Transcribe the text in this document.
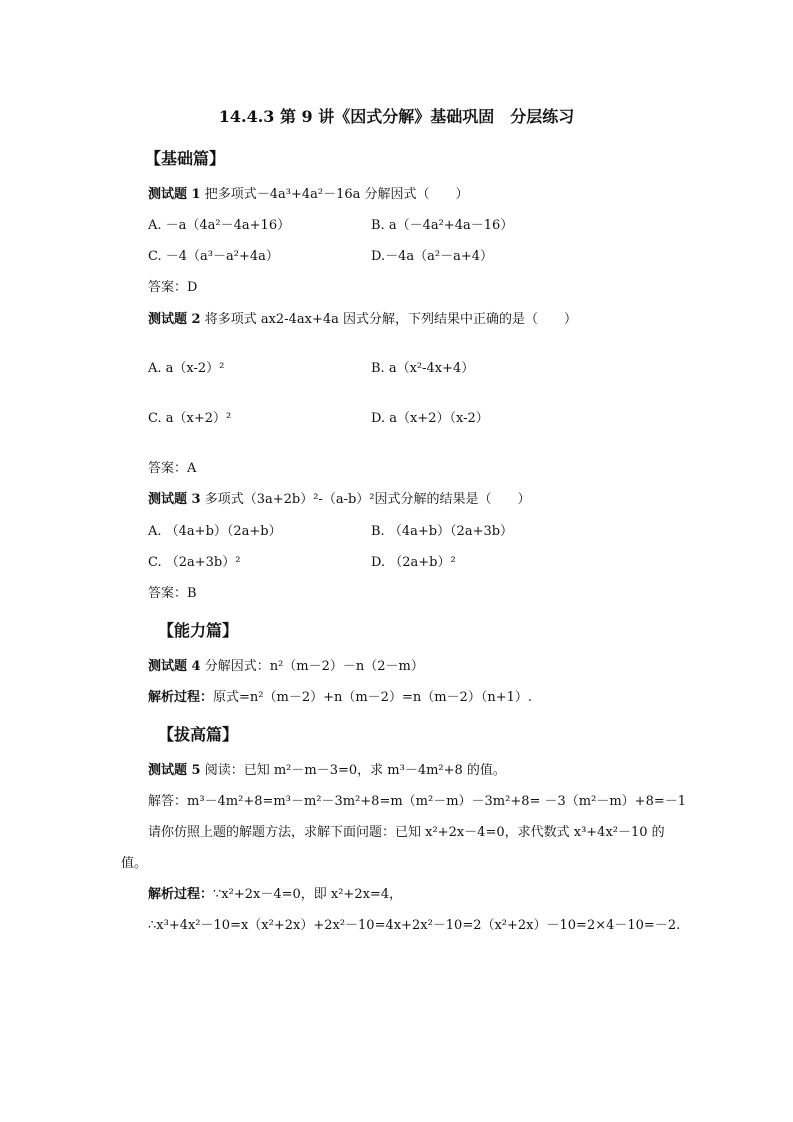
14.4.3 第 9 讲《因式分解》基础巩固　分层练习
【基础篇】
测试题 1 把多项式－4a³+4a²－16a 分解因式（　　）
A. －a（4a²－4a+16）	B. a（－4a²+4a－16）
C. －4（a³－a²+4a）	D.－4a（a²－a+4）
答案：D
测试题 2 将多项式 ax2-4ax+4a 因式分解，下列结果中正确的是（　　）
A. a（x-2）²	B. a（x²-4x+4）
C. a（x+2）²	D. a（x+2）（x-2）
答案：A
测试题 3 多项式（3a+2b）²-（a-b）²因式分解的结果是（　　）
A. （4a+b）（2a+b）	B. （4a+b）（2a+3b）
C. （2a+3b）²	D. （2a+b）²
答案：B
【能力篇】
测试题 4 分解因式：n²（m－2）－n（2－m）
解析过程：原式=n²（m－2）+n（m－2）=n（m－2）（n+1）.
【拔高篇】
测试题 5 阅读：已知 m²－m－3=0，求 m³－4m²+8 的值。
解答：m³－4m²+8=m³－m²－3m²+8=m（m²－m）－3m²+8= －3（m²－m）+8=－1
请你仿照上题的解题方法，求解下面问题：已知 x²+2x－4=0，求代数式 x³+4x²－10 的
值。
解析过程：∵x²+2x－4=0，即 x²+2x=4，
∴x³+4x²－10=x（x²+2x）+2x²－10=4x+2x²－10=2（x²+2x）－10=2×4－10=－2.
